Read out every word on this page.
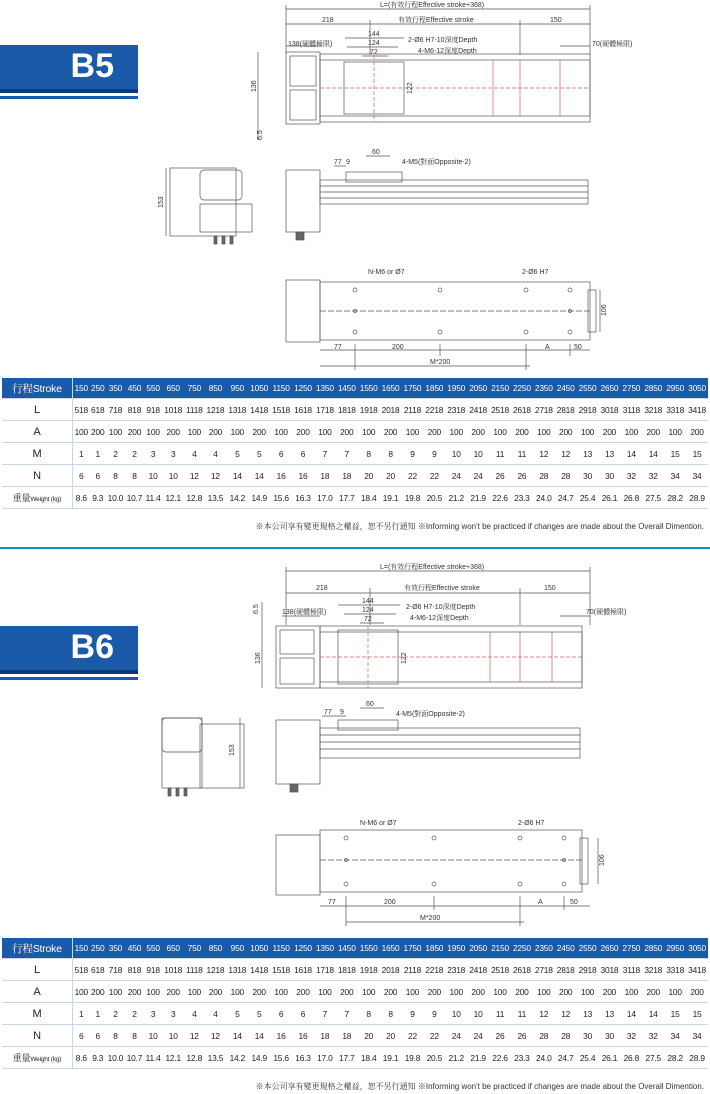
B5
L=(有效行程Effective stroke+368)
218	有效行程Effective stroke	150
144
124
72
2-Ø6 H7-10深度Depth
4-M6-12深度Depth
138(硬體極限)	70(硬體極限)
136	122
6.5
153
77 9
60
4-M5(對面Opposite-2)
N-M6 or Ø7	2-Ø6 H7
106
77	200	A	50
M*200
行程Stroke	150	250	350	450	550	650	750	850	950	1050	1150	1250	1350	1450	1550	1650	1750	1850	1950	2050	2150	2250	2350	2450	2550	2650	2750	2850	2950	3050
L	518	618	718	818	918	1018	1118	1218	1318	1418	1518	1618	1718	1818	1918	2018	2118	2218	2318	2418	2518	2618	2718	2818	2918	3018	3118	3218	3318	3418
A	100	200	100	200	100	200	100	200	100	200	100	200	100	200	100	200	100	200	100	200	100	200	100	200	100	200	100	200	100	200
M	1	1	2	2	3	3	4	4	5	5	6	6	7	7	8	8	9	9	10	10	11	11	12	12	13	13	14	14	15	15
N	6	6	8	8	10	10	12	12	14	14	16	16	18	18	20	20	22	22	24	24	26	26	28	28	30	30	32	32	34	34
重量Weight (kg)	8.6	9.3	10.0	10.7	11.4	12.1	12.8	13.5	14.2	14.9	15.6	16.3	17.0	17.7	18.4	19.1	19.8	20.5	21.2	21.9	22.6	23.3	24.0	24.7	25.4	26.1	26.8	27.5	28.2	28.9
※本公司享有變更規格之權益，恕不另行通知 ※Informing won't be practiced if changes are made about the Overall Dimention.
B6
L=(有效行程Effective stroke+368)
218	有效行程Effective stroke	150
144
124
72
2-Ø6 H7-10深度Depth
4-M6-12深度Depth
138(硬體極限)	70(硬體極限)
136	122
6.5
153
77 9
60
4-M5(對面Opposite-2)
N-M6 or Ø7	2-Ø6 H7
106
77	200	A	50
M*200
行程Stroke	150	250	350	450	550	650	750	850	950	1050	1150	1250	1350	1450	1550	1650	1750	1850	1950	2050	2150	2250	2350	2450	2550	2650	2750	2850	2950	3050
L	518	618	718	818	918	1018	1118	1218	1318	1418	1518	1618	1718	1818	1918	2018	2118	2218	2318	2418	2518	2618	2718	2818	2918	3018	3118	3218	3318	3418
A	100	200	100	200	100	200	100	200	100	200	100	200	100	200	100	200	100	200	100	200	100	200	100	200	100	200	100	200	100	200
M	1	1	2	2	3	3	4	4	5	5	6	6	7	7	8	8	9	9	10	10	11	11	12	12	13	13	14	14	15	15
N	6	6	8	8	10	10	12	12	14	14	16	16	18	18	20	20	22	22	24	24	26	26	28	28	30	30	32	32	34	34
重量Weight (kg)	8.6	9.3	10.0	10.7	11.4	12.1	12.8	13.5	14.2	14.9	15.6	16.3	17.0	17.7	18.4	19.1	19.8	20.5	21.2	21.9	22.6	23.3	24.0	24.7	25.4	26.1	26.8	27.5	28.2	28.9
※本公司享有變更規格之權益，恕不另行通知 ※Informing won't be practiced if changes are made about the Overall Dimention.
